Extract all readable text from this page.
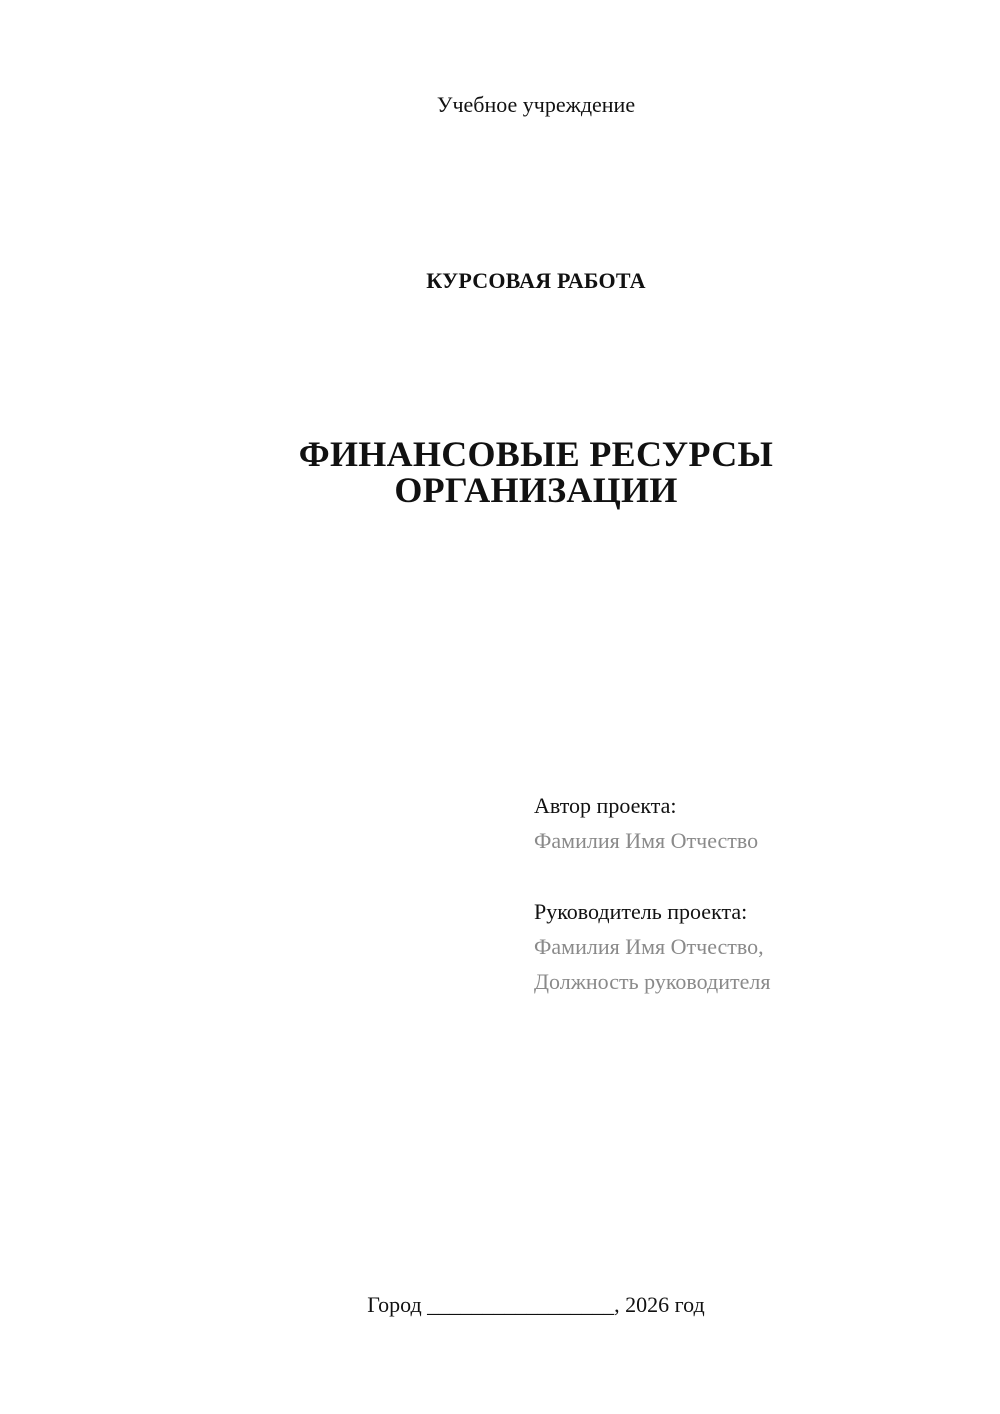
Учебное учреждение
КУРСОВАЯ РАБОТА
ФИНАНСОВЫЕ РЕСУРСЫ
ОРГАНИЗАЦИИ
Автор проекта:
Фамилия Имя Отчество
Руководитель проекта:
Фамилия Имя Отчество,
Должность руководителя
Город _________________, 2026 год
